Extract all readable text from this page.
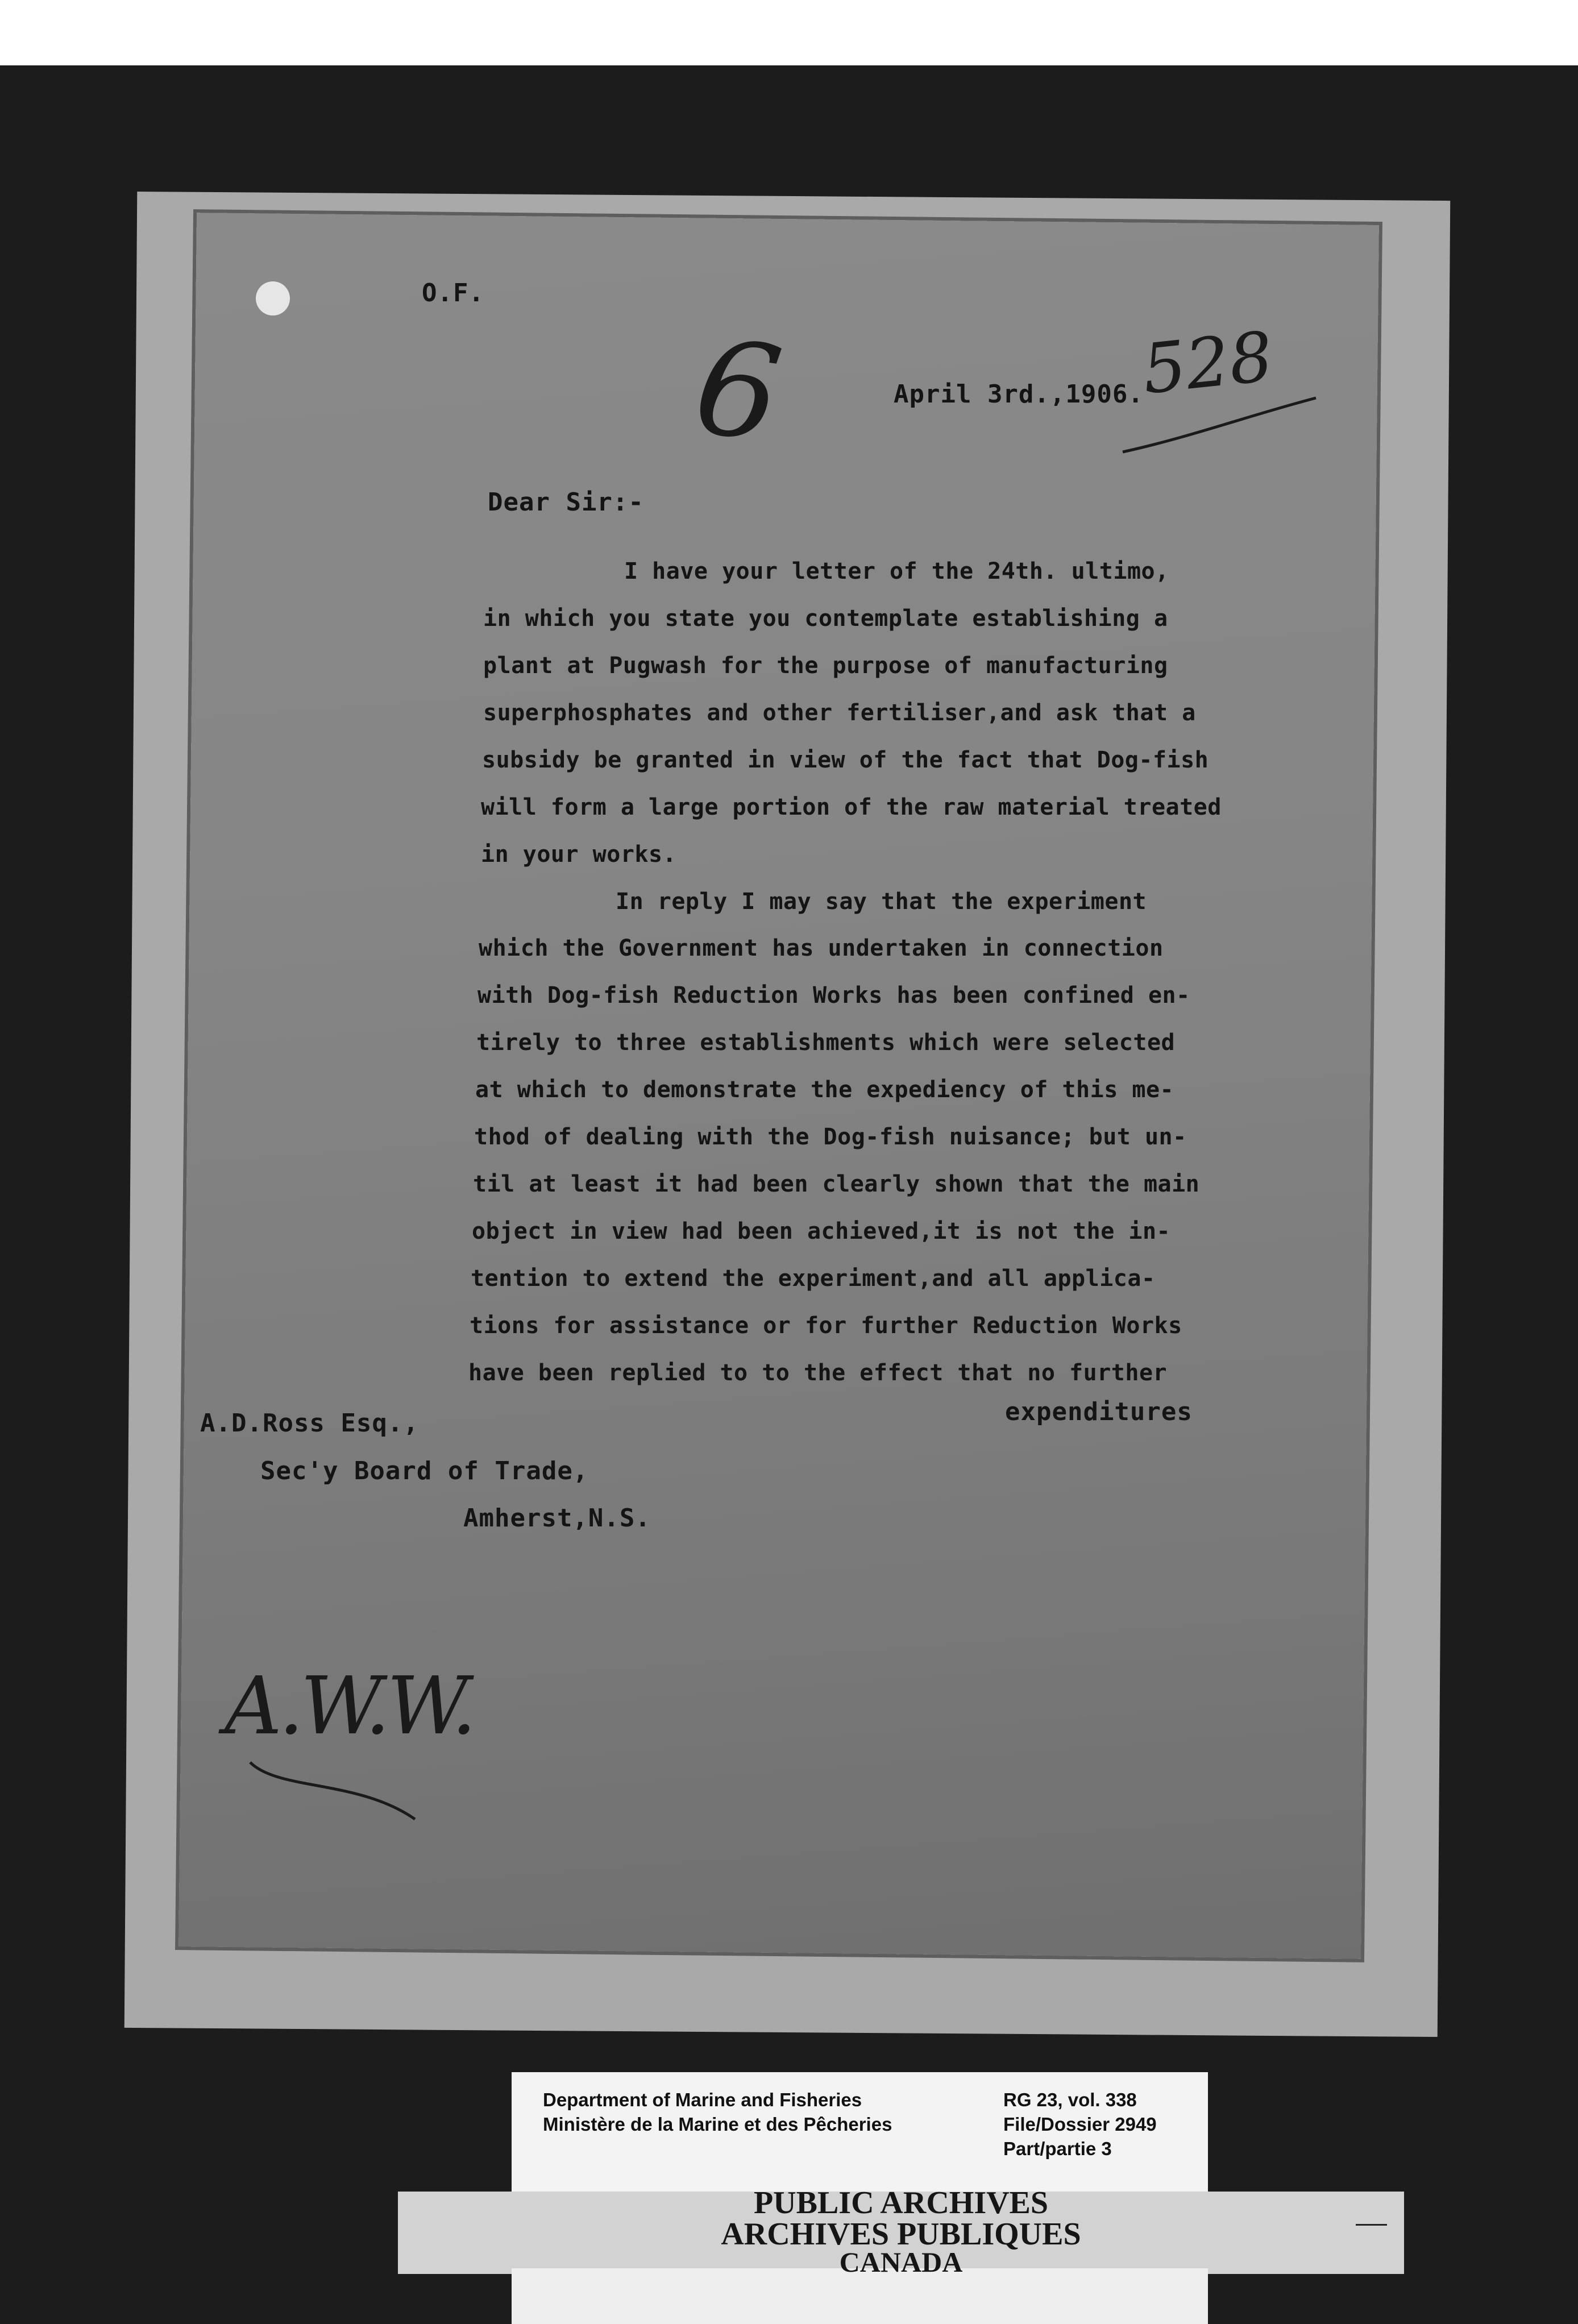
O.F.
6	April 3rd.,1906.
528
Dear Sir:-
I have your letter of the 24th. ultimo,
in which you state you contemplate establishing a
plant at Pugwash for the purpose of manufacturing
superphosphates and other fertiliser,and ask that a
subsidy be granted in view of the fact that Dog-fish
will form a large portion of the raw material treated
in your works.
In reply I may say that the experiment
which the Government has undertaken in connection
with Dog-fish Reduction Works has been confined en-
tirely to three establishments which were selected
at which to demonstrate the expediency of this me-
thod of dealing with the Dog-fish nuisance; but un-
til at least it had been clearly shown that the main
object in view had been achieved,it is not the in-
tention to extend the experiment,and all applica-
tions for assistance or for further Reduction Works
have been replied to to the effect that no further
expenditures
A.D.Ross Esq.,
Sec'y Board of Trade,
Amherst,N.S.
A.W.W.
Department of Marine and Fisheries
Ministère de la Marine et des Pêcheries
RG 23, vol. 338
File/Dossier 2949
Part/partie 3
PUBLIC ARCHIVES
ARCHIVES PUBLIQUES
CANADA
